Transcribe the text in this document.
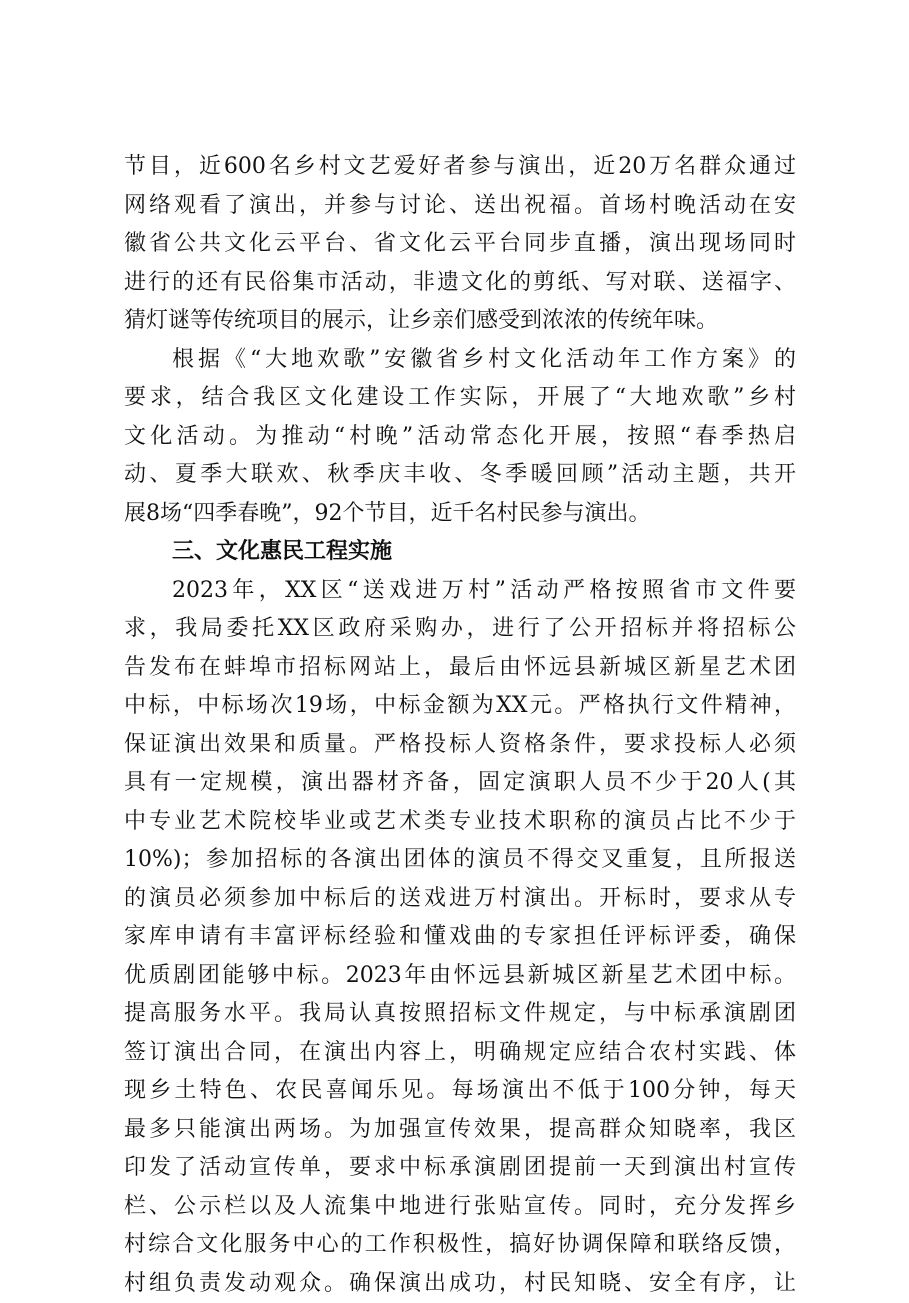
节目，近600名乡村文艺爱好者参与演出，近20万名群众通过
网络观看了演出，并参与讨论、送出祝福。首场村晚活动在安
徽省公共文化云平台、省文化云平台同步直播，演出现场同时
进行的还有民俗集市活动，非遗文化的剪纸、写对联、送福字、
猜灯谜等传统项目的展示，让乡亲们感受到浓浓的传统年味。
根据《“大地欢歌”安徽省乡村文化活动年工作方案》的
要求，结合我区文化建设工作实际，开展了“大地欢歌”乡村
文化活动。为推动“村晚”活动常态化开展，按照“春季热启
动、夏季大联欢、秋季庆丰收、冬季暖回顾”活动主题，共开
展8场“四季春晚”，92个节目，近千名村民参与演出。
三、文化惠民工程实施
2023年，XX区“送戏进万村”活动严格按照省市文件要
求，我局委托XX区政府采购办，进行了公开招标并将招标公
告发布在蚌埠市招标网站上，最后由怀远县新城区新星艺术团
中标，中标场次19场，中标金额为XX元。严格执行文件精神，
保证演出效果和质量。严格投标人资格条件，要求投标人必须
具有一定规模，演出器材齐备，固定演职人员不少于20人(其
中专业艺术院校毕业或艺术类专业技术职称的演员占比不少于
10%)；参加招标的各演出团体的演员不得交叉重复，且所报送
的演员必须参加中标后的送戏进万村演出。开标时，要求从专
家库申请有丰富评标经验和懂戏曲的专家担任评标评委，确保
优质剧团能够中标。2023年由怀远县新城区新星艺术团中标。
提高服务水平。我局认真按照招标文件规定，与中标承演剧团
签订演出合同，在演出内容上，明确规定应结合农村实践、体
现乡土特色、农民喜闻乐见。每场演出不低于100分钟，每天
最多只能演出两场。为加强宣传效果，提高群众知晓率，我区
印发了活动宣传单，要求中标承演剧团提前一天到演出村宣传
栏、公示栏以及人流集中地进行张贴宣传。同时，充分发挥乡
村综合文化服务中心的工作积极性，搞好协调保障和联络反馈，
村组负责发动观众。确保演出成功，村民知晓、安全有序，让
